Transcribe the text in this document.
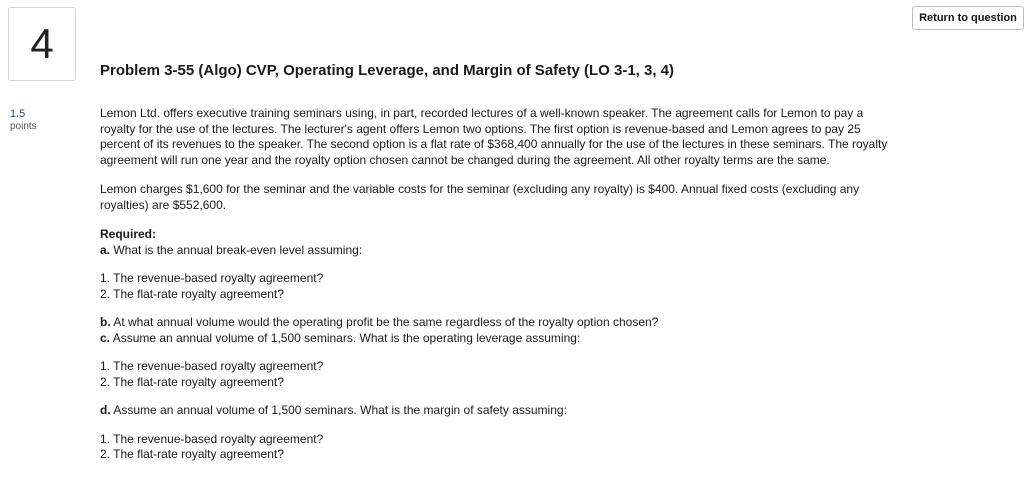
4
1.5
points
Return to question
Problem 3-55 (Algo) CVP, Operating Leverage, and Margin of Safety (LO 3-1, 3, 4)

Lemon Ltd. offers executive training seminars using, in part, recorded lectures of a well-known speaker. The agreement calls for Lemon to pay a royalty for the use of the lectures. The lecturer's agent offers Lemon two options. The first option is revenue-based and Lemon agrees to pay 25 percent of its revenues to the speaker. The second option is a flat rate of $368,400 annually for the use of the lectures in these seminars. The royalty agreement will run one year and the royalty option chosen cannot be changed during the agreement. All other royalty terms are the same.

Lemon charges $1,600 for the seminar and the variable costs for the seminar (excluding any royalty) is $400. Annual fixed costs (excluding any royalties) are $552,600.

Required:

a. What is the annual break-even level assuming:

1. The revenue-based royalty agreement?

2. The flat-rate royalty agreement?

b. At what annual volume would the operating profit be the same regardless of the royalty option chosen?

c. Assume an annual volume of 1,500 seminars. What is the operating leverage assuming:

1. The revenue-based royalty agreement?

2. The flat-rate royalty agreement?

d. Assume an annual volume of 1,500 seminars. What is the margin of safety assuming:

1. The revenue-based royalty agreement?

2. The flat-rate royalty agreement?
